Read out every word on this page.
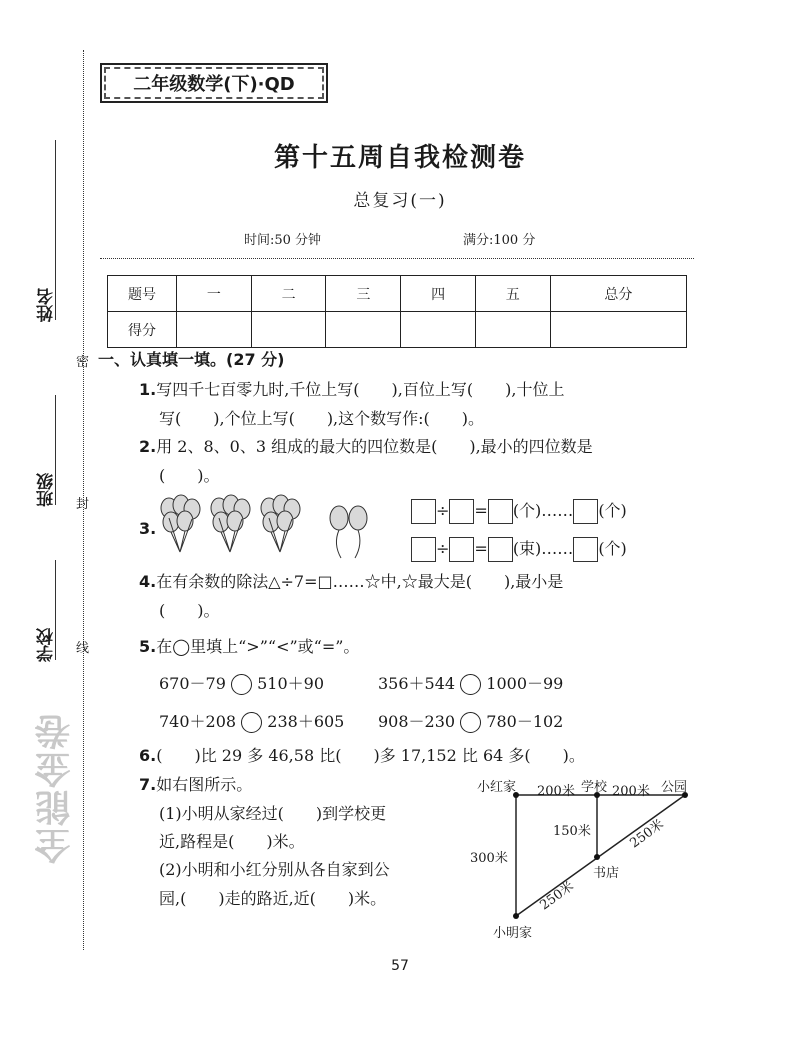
姓名
班级
学校
全能金卷
密
封
线
二年级数学(下)·QD
第十五周自我检测卷
总复习(一)
时间:50 分钟	满分:100 分
题号	一	二	三	四	五	总分
得分						
一、认真填一填。(27 分)
1.写四千七百零九时,千位上写(　　),百位上写(　　),十位上
写(　　),个位上写(　　),这个数写作:(　　)。
2.用 2、8、0、3 组成的最大的四位数是(　　),最小的四位数是
(　　)。
3.
÷ = (个)…… (个)
÷ = (束)…… (个)
4.在有余数的除法△÷7=□……☆中,☆最大是(　　),最小是
(　　)。
5.在◯里填上“>”“<”或“=”。
670－79 510＋90	356＋544 1000－99
740＋208 238＋605 908－230 780－102
6.(　　)比 29 多 46,58 比(　　)多 17,152 比 64 多(　　)。
7.如右图所示。
(1)小明从家经过(　　)到学校更
近,路程是(　　)米。
(2)小明和小红分别从各自家到公
园,(　　)走的路近,近(　　)米。
小红家 200米 学校 200米 公园
150米	250米
300米
书店
250米
小明家
57
